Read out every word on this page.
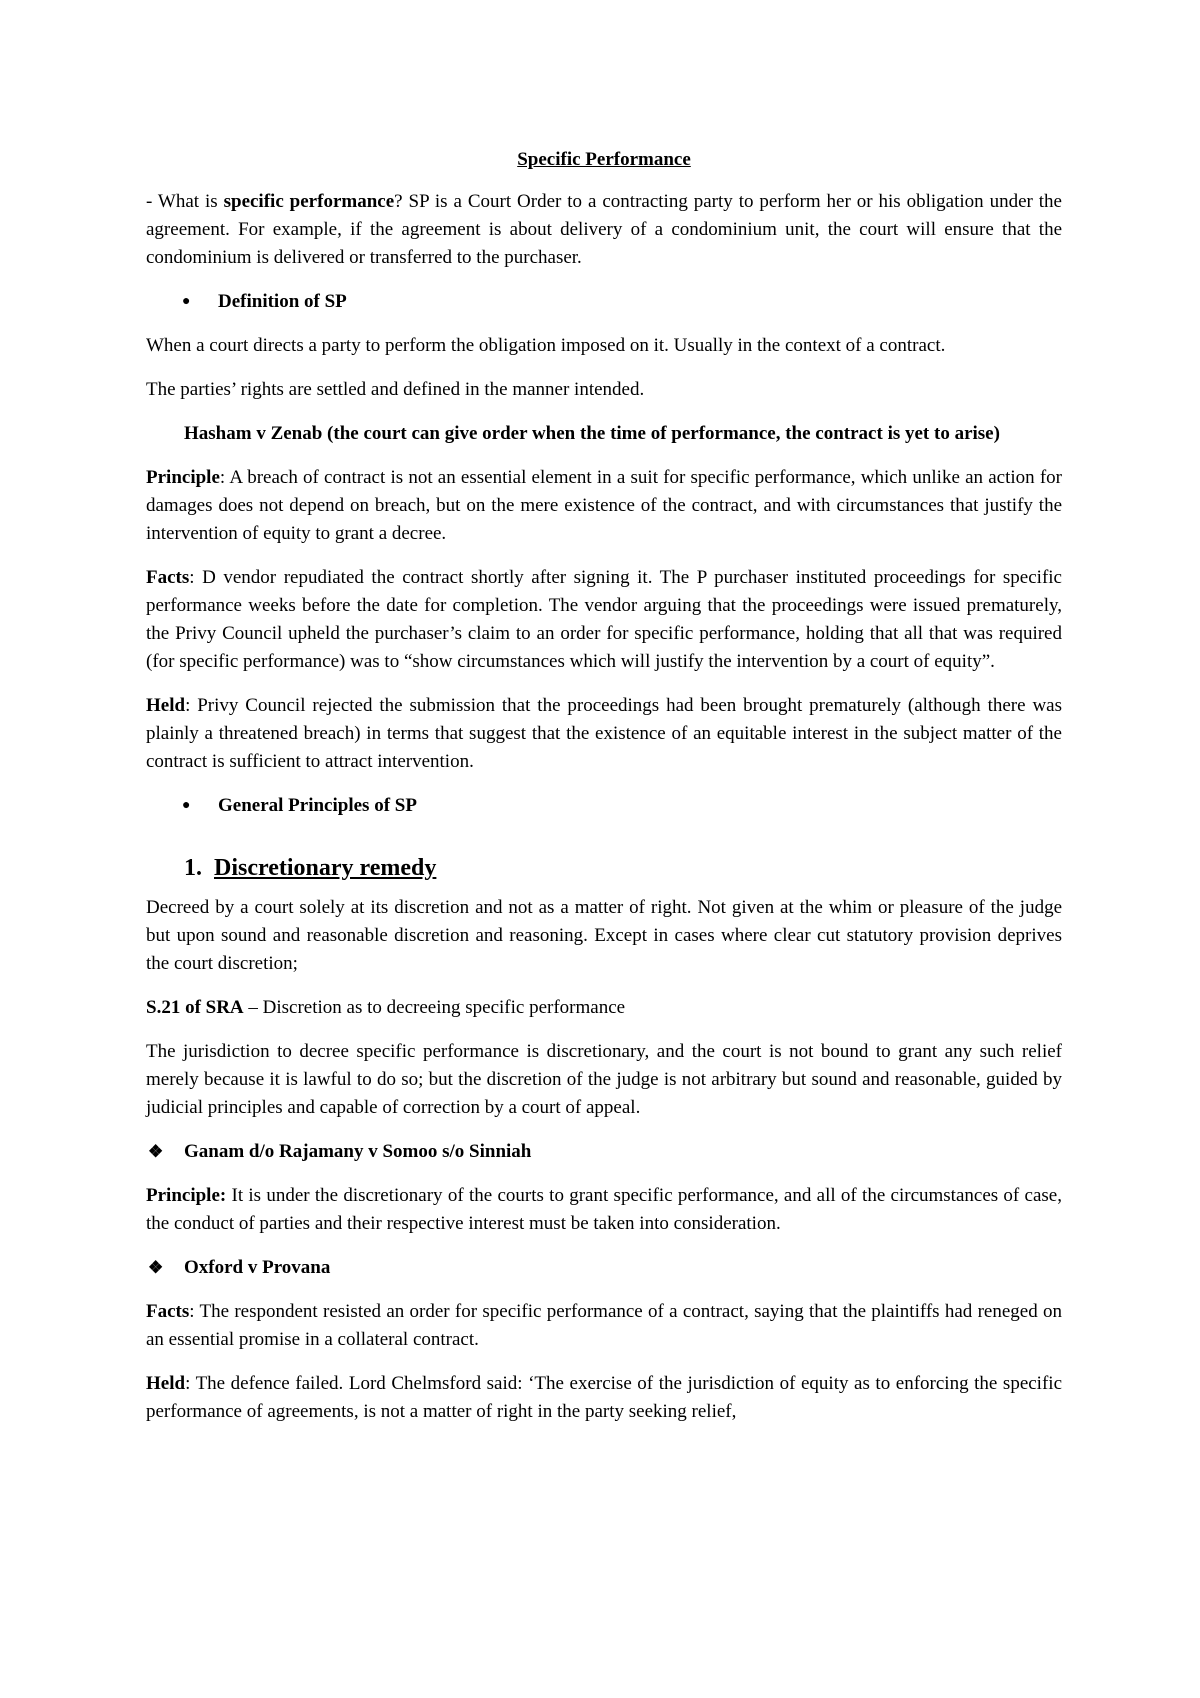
Specific Performance

- What is specific performance? SP is a Court Order to a contracting party to perform her or his obligation under the agreement. For example, if the agreement is about delivery of a condominium unit, the court will ensure that the condominium is delivered or transferred to the purchaser.

● Definition of SP

When a court directs a party to perform the obligation imposed on it. Usually in the context of a contract.

The parties’ rights are settled and defined in the manner intended.

Hasham v Zenab (the court can give order when the time of performance, the contract is yet to arise)

Principle: A breach of contract is not an essential element in a suit for specific performance, which unlike an action for damages does not depend on breach, but on the mere existence of the contract, and with circumstances that justify the intervention of equity to grant a decree.

Facts: D vendor repudiated the contract shortly after signing it. The P purchaser instituted proceedings for specific performance weeks before the date for completion. The vendor arguing that the proceedings were issued prematurely, the Privy Council upheld the purchaser’s claim to an order for specific performance, holding that all that was required (for specific performance) was to “show circumstances which will justify the intervention by a court of equity”.

Held: Privy Council rejected the submission that the proceedings had been brought prematurely (although there was plainly a threatened breach) in terms that suggest that the existence of an equitable interest in the subject matter of the contract is sufficient to attract intervention.

● General Principles of SP
1. Discretionary remedy

Decreed by a court solely at its discretion and not as a matter of right. Not given at the whim or pleasure of the judge but upon sound and reasonable discretion and reasoning. Except in cases where clear cut statutory provision deprives the court discretion;

S.21 of SRA – Discretion as to decreeing specific performance

The jurisdiction to decree specific performance is discretionary, and the court is not bound to grant any such relief merely because it is lawful to do so; but the discretion of the judge is not arbitrary but sound and reasonable, guided by judicial principles and capable of correction by a court of appeal.

❖ Ganam d/o Rajamany v Somoo s/o Sinniah

Principle: It is under the discretionary of the courts to grant specific performance, and all of the circumstances of case, the conduct of parties and their respective interest must be taken into consideration.

❖ Oxford v Provana

Facts: The respondent resisted an order for specific performance of a contract, saying that the plaintiffs had reneged on an essential promise in a collateral contract.

Held: The defence failed. Lord Chelmsford said: ‘The exercise of the jurisdiction of equity as to enforcing the specific performance of agreements, is not a matter of right in the party seeking relief,
